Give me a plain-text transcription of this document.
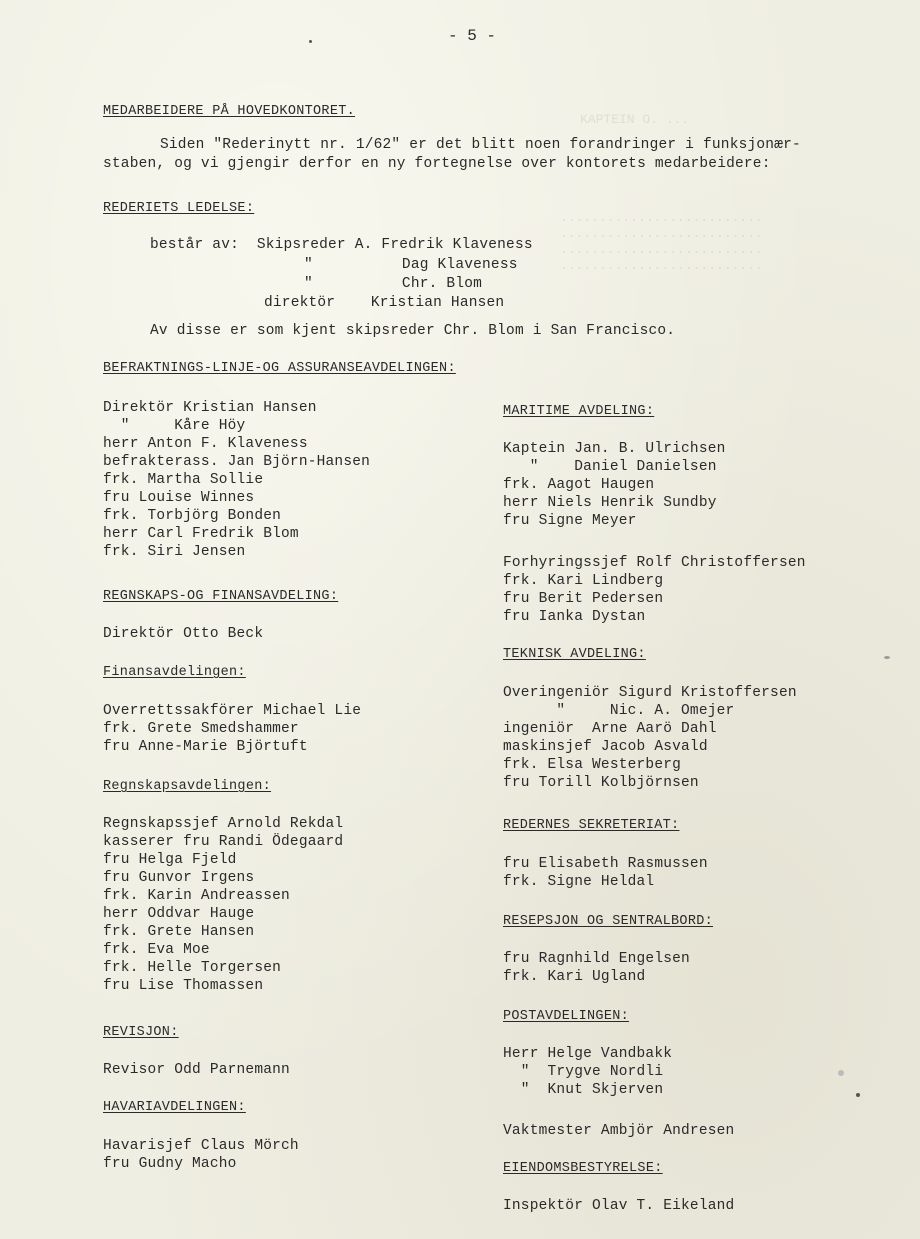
- 5 -
KAPTEIN O. ...
..........................
..........................
..........................
..........................
MEDARBEIDERE PÅ HOVEDKONTORET.
Siden "Rederinytt nr. 1/62" er det blitt noen forandringer i funksjonær-
staben, og vi gjengir derfor en ny fortegnelse over kontorets medarbeidere:
REDERIETS LEDELSE:
består av:  Skipsreder A. Fredrik Klaveness
"          Dag Klaveness
"          Chr. Blom
direktör    Kristian Hansen
Av disse er som kjent skipsreder Chr. Blom i San Francisco.
BEFRAKTNINGS-LINJE-OG ASSURANSEAVDELINGEN:
Direktör Kristian Hansen
"     Kåre Höy
herr Anton F. Klaveness
befrakterass. Jan Björn-Hansen
frk. Martha Sollie
fru Louise Winnes
frk. Torbjörg Bonden
herr Carl Fredrik Blom
frk. Siri Jensen
REGNSKAPS-OG FINANSAVDELING:
Direktör Otto Beck
Finansavdelingen:
Overrettssakförer Michael Lie
frk. Grete Smedshammer
fru Anne-Marie Björtuft
Regnskapsavdelingen:
Regnskapssjef Arnold Rekdal
kasserer fru Randi Ödegaard
fru Helga Fjeld
fru Gunvor Irgens
frk. Karin Andreassen
herr Oddvar Hauge
frk. Grete Hansen
frk. Eva Moe
frk. Helle Torgersen
fru Lise Thomassen
REVISJON:
Revisor Odd Parnemann
HAVARIAVDELINGEN:
Havarisjef Claus Mörch
fru Gudny Macho
MARITIME AVDELING:
Kaptein Jan. B. Ulrichsen
"    Daniel Danielsen
frk. Aagot Haugen
herr Niels Henrik Sundby
fru Signe Meyer
Forhyringssjef Rolf Christoffersen
frk. Kari Lindberg
fru Berit Pedersen
fru Ianka Dystan
TEKNISK AVDELING:
Overingeniör Sigurd Kristoffersen
"     Nic. A. Omejer
ingeniör  Arne Aarö Dahl
maskinsjef Jacob Asvald
frk. Elsa Westerberg
fru Torill Kolbjörnsen
REDERNES SEKRETERIAT:
fru Elisabeth Rasmussen
frk. Signe Heldal
RESEPSJON OG SENTRALBORD:
fru Ragnhild Engelsen
frk. Kari Ugland
POSTAVDELINGEN:
Herr Helge Vandbakk
"  Trygve Nordli
"  Knut Skjerven
Vaktmester Ambjör Andresen
EIENDOMSBESTYRELSE:
Inspektör Olav T. Eikeland
